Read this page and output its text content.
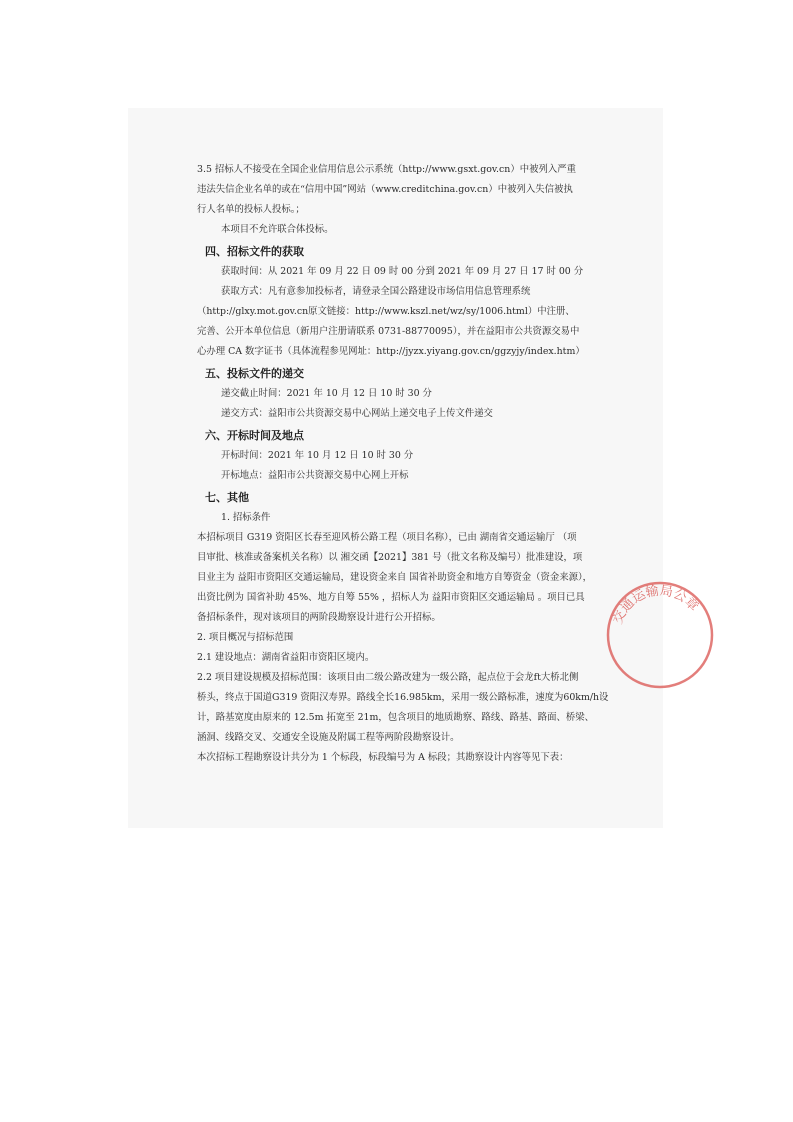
3.5 招标人不接受在全国企业信用信息公示系统（http://www.gsxt.gov.cn）中被列入严重
违法失信企业名单的或在“信用中国”网站（www.creditchina.gov.cn）中被列入失信被执
行人名单的投标人投标。；
本项目不允许联合体投标。
四、招标文件的获取
获取时间：从 2021 年 09 月 22 日 09 时 00 分到 2021 年 09 月 27 日 17 时 00 分
获取方式：凡有意参加投标者，请登录全国公路建设市场信用信息管理系统
（http://glxy.mot.gov.cn原文链接：http://www.kszl.net/wz/sy/1006.html）中注册、
完善、公开本单位信息（新用户注册请联系 0731-88770095），并在益阳市公共资源交易中
心办理 CA 数字证书（具体流程参见网址：http://jyzx.yiyang.gov.cn/ggzyjy/index.htm）
五、投标文件的递交
递交截止时间：2021 年 10 月 12 日 10 时 30 分
递交方式：益阳市公共资源交易中心网站上递交电子上传文件递交
六、开标时间及地点
开标时间：2021 年 10 月 12 日 10 时 30 分
开标地点：益阳市公共资源交易中心网上开标
七、其他
1. 招标条件
本招标项目 G319 资阳区长春至迎风桥公路工程（项目名称），已由 湖南省交通运输厅 （项
目审批、核准或备案机关名称）以 湘交函【2021】381 号（批文名称及编号）批准建设，项
目业主为 益阳市资阳区交通运输局，建设资金来自 国省补助资金和地方自筹资金（资金来源），
出资比例为 国省补助 45%、地方自筹 55% ，招标人为 益阳市资阳区交通运输局 。项目已具
备招标条件，现对该项目的两阶段勘察设计进行公开招标。
2. 项目概况与招标范围
2.1 建设地点：湖南省益阳市资阳区境内。
2.2 项目建设规模及招标范围：该项目由二级公路改建为一级公路，起点位于会龙ft大桥北侧
桥头，终点于国道G319 资阳汉寿界。路线全长16.985km，采用一级公路标准，速度为60km/h设
计，路基宽度由原来的 12.5m 拓宽至 21m，包含项目的地质勘察、路线、路基、路面、桥梁、
涵洞、线路交叉、交通安全设施及附属工程等两阶段勘察设计。
本次招标工程勘察设计共分为 1 个标段，标段编号为 A 标段；其勘察设计内容等见下表：
交通运输局公章
